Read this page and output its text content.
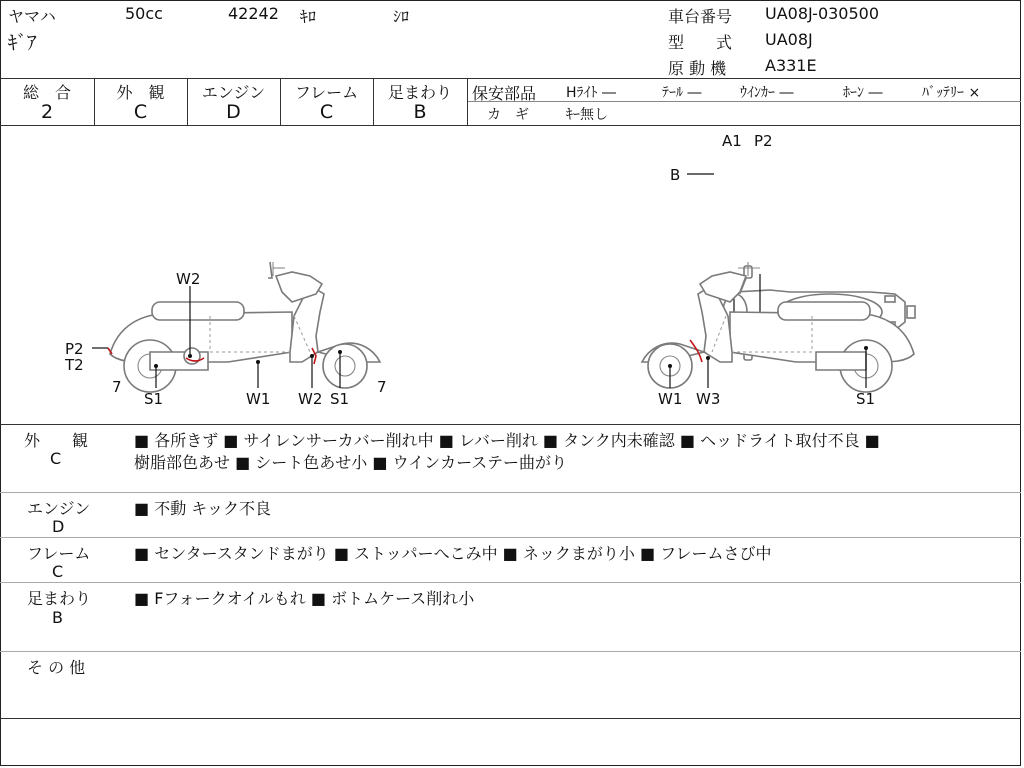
ヤマハ	50cc	42242 ｷﾛ	ｼﾛ
ｷﾞｱ
車台番号 UA08J-030500
型　　式 UA08J
原 動 機 A331E
総　合
2
外　観
C
エンジン
D
フレーム
C
足まわり
B
保安部品 Hﾗｲﾄ ―	ﾃｰﾙ ―	ｳｲﾝｶｰ ―	ﾎｰﾝ ―	ﾊﾞｯﾃﾘｰ ×
カ　ギ	ｷｰ無し
A1 P2
B
W2
P2
T2
7
S1	W1 W2 S1
7
W1 W3	S1
外　　観
C
■ 各所きず ■ サイレンサーカバー削れ中 ■ レバー削れ ■ タンク内未確認 ■ ヘッドライト取付不良 ■
樹脂部色あせ ■ シート色あせ小 ■ ウインカーステー曲がり
エンジン
D
■ 不動 キック不良
フレーム
C
■ センタースタンドまがり ■ ストッパーへこみ中 ■ ネックまがり小 ■ フレームさび中
足まわり
B
■ Fフォークオイルもれ ■ ボトムケース削れ小
そ の 他
